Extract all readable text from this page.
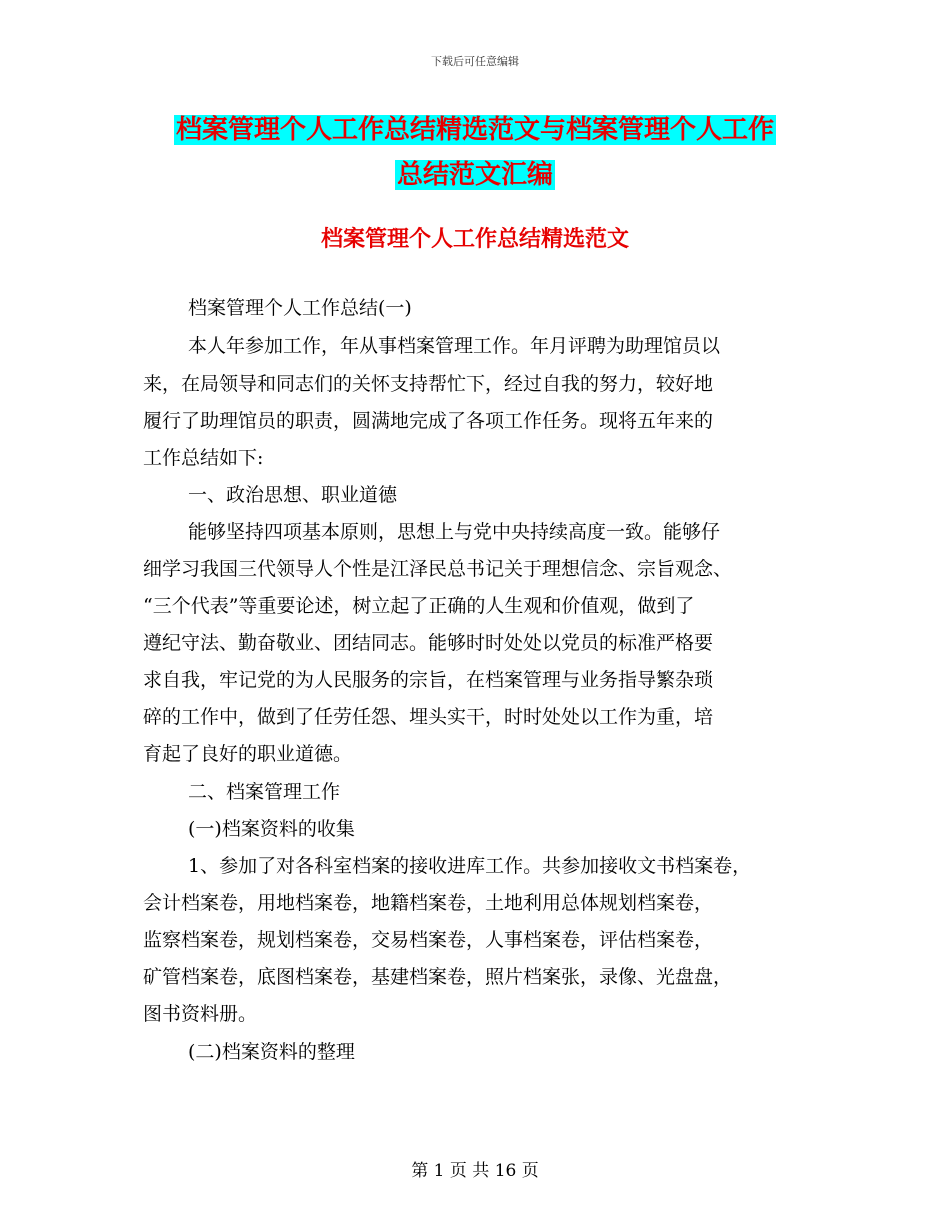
下载后可任意编辑
档案管理个人工作总结精选范文与档案管理个人工作
总结范文汇编
档案管理个人工作总结精选范文
档案管理个人工作总结(一)
本人年参加工作，年从事档案管理工作。年月评聘为助理馆员以
来，在局领导和同志们的关怀支持帮忙下，经过自我的努力，较好地
履行了助理馆员的职责，圆满地完成了各项工作任务。现将五年来的
工作总结如下:
一、政治思想、职业道德
能够坚持四项基本原则，思想上与党中央持续高度一致。能够仔
细学习我国三代领导人个性是江泽民总书记关于理想信念、宗旨观念、
“三个代表”等重要论述，树立起了正确的人生观和价值观，做到了
遵纪守法、勤奋敬业、团结同志。能够时时处处以党员的标准严格要
求自我，牢记党的为人民服务的宗旨，在档案管理与业务指导繁杂琐
碎的工作中，做到了任劳任怨、埋头实干，时时处处以工作为重，培
育起了良好的职业道德。
二、档案管理工作
(一)档案资料的收集
1、参加了对各科室档案的接收进库工作。共参加接收文书档案卷，
会计档案卷，用地档案卷，地籍档案卷，土地利用总体规划档案卷，
监察档案卷，规划档案卷，交易档案卷，人事档案卷，评估档案卷，
矿管档案卷，底图档案卷，基建档案卷，照片档案张，录像、光盘盘，
图书资料册。
(二)档案资料的整理
第 1 页 共 16 页
